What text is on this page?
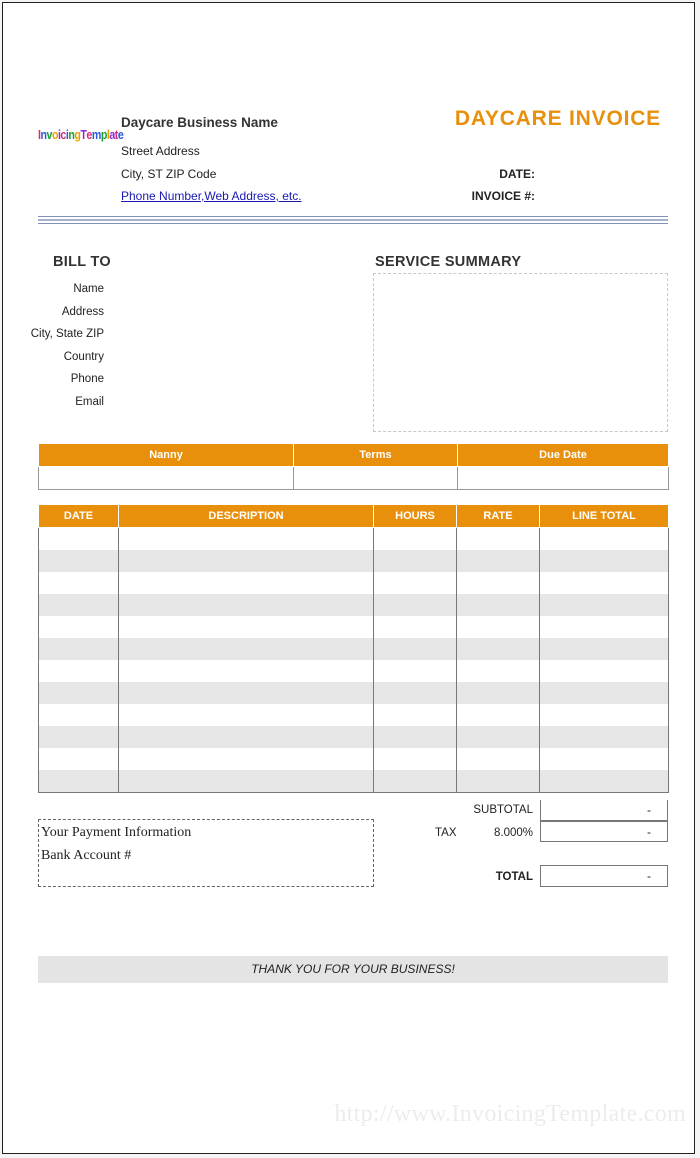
InvoicingTemplate
Daycare Business Name
Street Address
City, ST ZIP Code
Phone Number,Web Address, etc.
DAYCARE INVOICE
DATE:
INVOICE #:
BILL TO
Name
Address
City, State ZIP
Country
Phone
Email
SERVICE SUMMARY
Nanny	Terms	Due Date

DATE	DESCRIPTION	HOURS	RATE	LINE TOTAL

Your Payment Information
Bank Account #
SUBTOTAL	-
TAX	8.000%	-
TOTAL	-
THANK YOU FOR YOUR BUSINESS!
http://www.InvoicingTemplate.com
